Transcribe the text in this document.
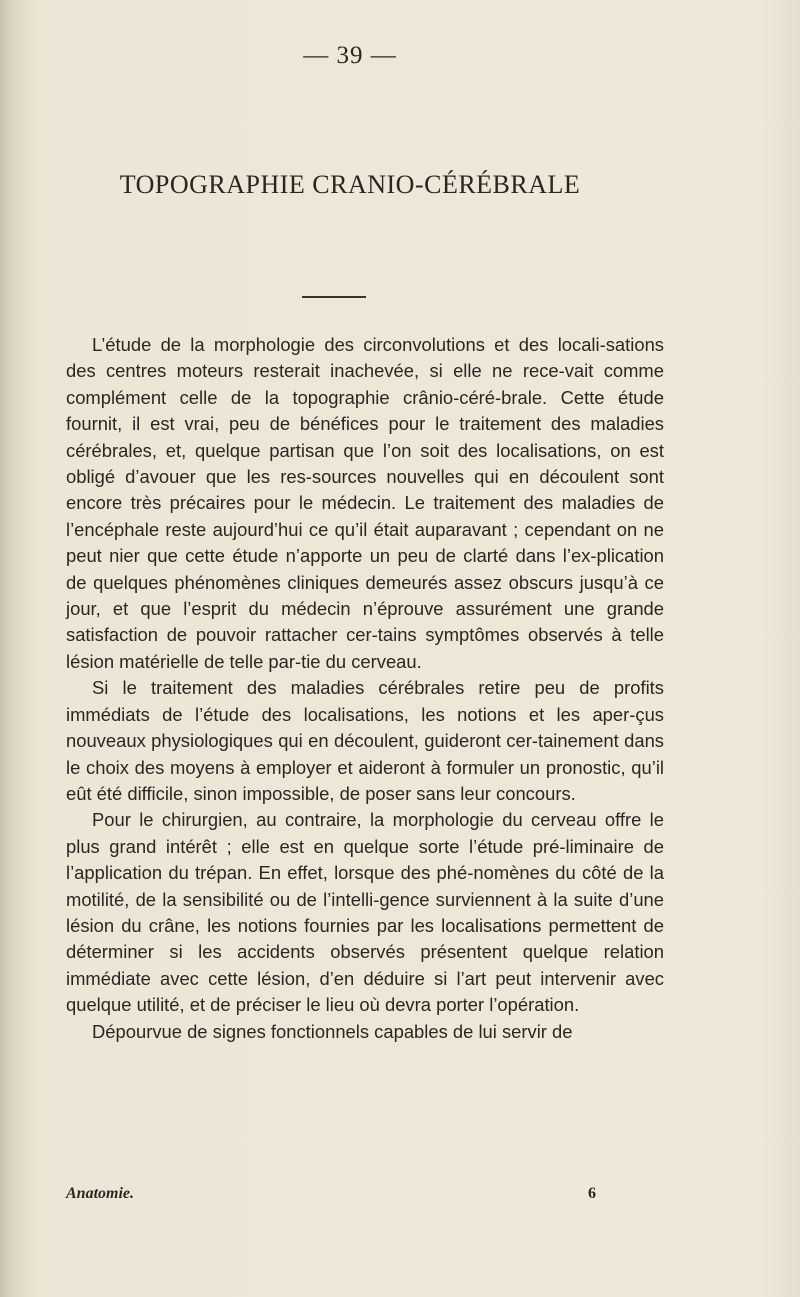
— 39 —
TOPOGRAPHIE CRANIO-CÉRÉBRALE

L’étude de la morphologie des circonvolutions et des locali-sations des centres moteurs resterait inachevée, si elle ne rece-vait comme complément celle de la topographie crânio-céré-brale. Cette étude fournit, il est vrai, peu de bénéfices pour le traitement des maladies cérébrales, et, quelque partisan que l’on soit des localisations, on est obligé d’avouer que les res-sources nouvelles qui en découlent sont encore très précaires pour le médecin. Le traitement des maladies de l’encéphale reste aujourd’hui ce qu’il était auparavant ; cependant on ne peut nier que cette étude n’apporte un peu de clarté dans l’ex-plication de quelques phénomènes cliniques demeurés assez obscurs jusqu’à ce jour, et que l’esprit du médecin n’éprouve assurément une grande satisfaction de pouvoir rattacher cer-tains symptômes observés à telle lésion matérielle de telle par-tie du cerveau.

Si le traitement des maladies cérébrales retire peu de profits immédiats de l’étude des localisations, les notions et les aper-çus nouveaux physiologiques qui en découlent, guideront cer-tainement dans le choix des moyens à employer et aideront à formuler un pronostic, qu’il eût été difficile, sinon impossible, de poser sans leur concours.

Pour le chirurgien, au contraire, la morphologie du cerveau offre le plus grand intérêt ; elle est en quelque sorte l’étude pré-liminaire de l’application du trépan. En effet, lorsque des phé-nomènes du côté de la motilité, de la sensibilité ou de l’intelli-gence surviennent à la suite d’une lésion du crâne, les notions fournies par les localisations permettent de déterminer si les accidents observés présentent quelque relation immédiate avec cette lésion, d’en déduire si l’art peut intervenir avec quelque utilité, et de préciser le lieu où devra porter l’opération.

Dépourvue de signes fonctionnels capables de lui servir de

Anatomie.	6
